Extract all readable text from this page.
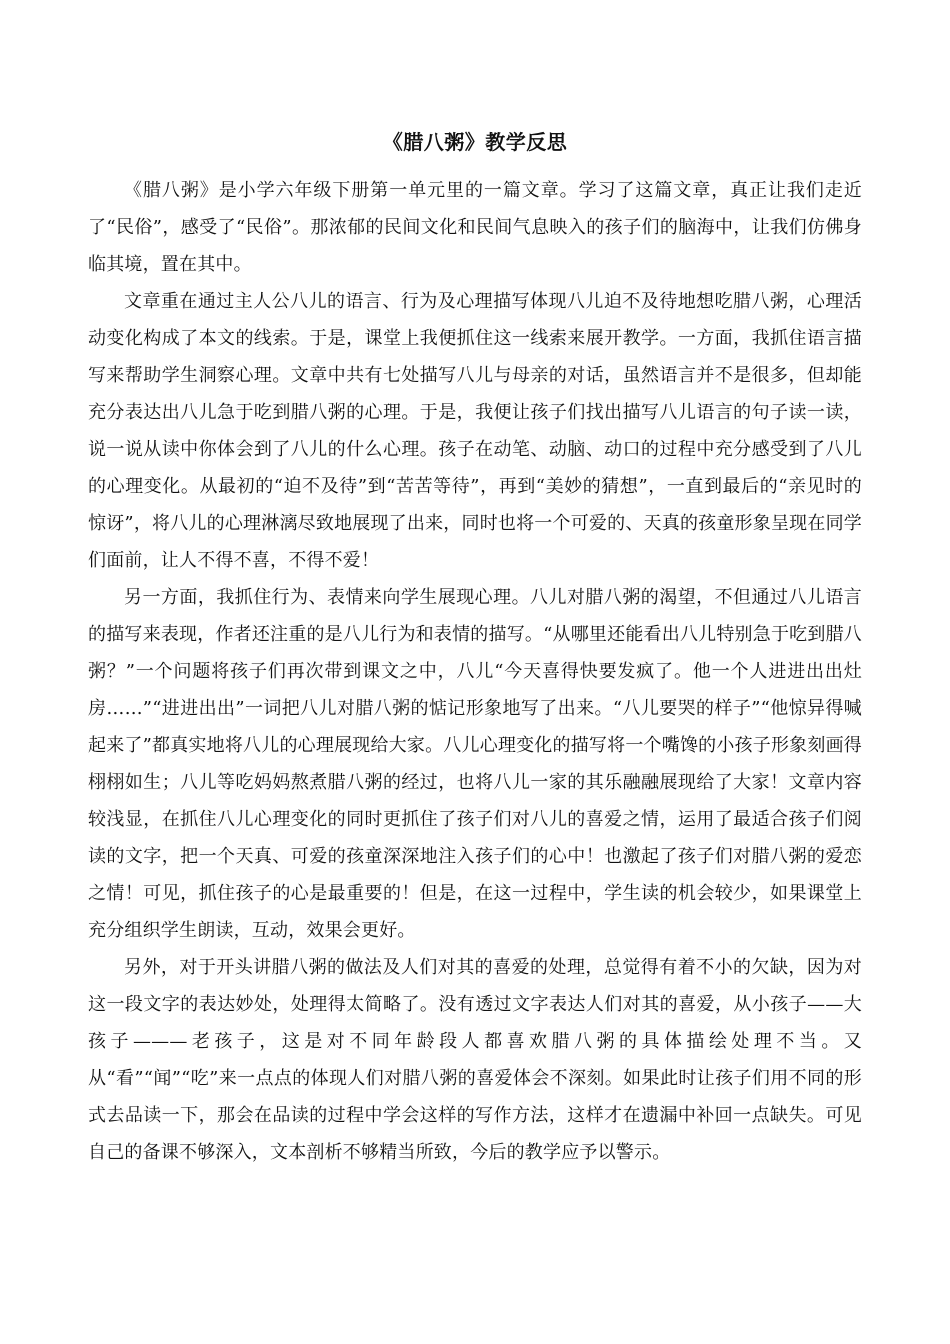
《腊八粥》教学反思

《腊八粥》是小学六年级下册第一单元里的一篇文章。学习了这篇文章，真正让我们走近了“民俗”，感受了“民俗”。那浓郁的民间文化和民间气息映入的孩子们的脑海中，让我们仿佛身临其境，置在其中。

文章重在通过主人公八儿的语言、行为及心理描写体现八儿迫不及待地想吃腊八粥，心理活动变化构成了本文的线索。于是，课堂上我便抓住这一线索来展开教学。一方面，我抓住语言描写来帮助学生洞察心理。文章中共有七处描写八儿与母亲的对话，虽然语言并不是很多，但却能充分表达出八儿急于吃到腊八粥的心理。于是，我便让孩子们找出描写八儿语言的句子读一读，说一说从读中你体会到了八儿的什么心理。孩子在动笔、动脑、动口的过程中充分感受到了八儿的心理变化。从最初的“迫不及待”到“苦苦等待”，再到“美妙的猜想”，一直到最后的“亲见时的惊讶”，将八儿的心理淋漓尽致地展现了出来，同时也将一个可爱的、天真的孩童形象呈现在同学们面前，让人不得不喜，不得不爱！

另一方面，我抓住行为、表情来向学生展现心理。八儿对腊八粥的渴望，不但通过八儿语言的描写来表现，作者还注重的是八儿行为和表情的描写。“从哪里还能看出八儿特别急于吃到腊八粥？”一个问题将孩子们再次带到课文之中，八儿“今天喜得快要发疯了。他一个人进进出出灶房……”“进进出出”一词把八儿对腊八粥的惦记形象地写了出来。“八儿要哭的样子”“他惊异得喊起来了”都真实地将八儿的心理展现给大家。八儿心理变化的描写将一个嘴馋的小孩子形象刻画得栩栩如生；八儿等吃妈妈熬煮腊八粥的经过，也将八儿一家的其乐融融展现给了大家！文章内容较浅显，在抓住八儿心理变化的同时更抓住了孩子们对八儿的喜爱之情，运用了最适合孩子们阅读的文字，把一个天真、可爱的孩童深深地注入孩子们的心中！也激起了孩子们对腊八粥的爱恋之情！可见，抓住孩子的心是最重要的！但是，在这一过程中，学生读的机会较少，如果课堂上充分组织学生朗读，互动，效果会更好。

另外，对于开头讲腊八粥的做法及人们对其的喜爱的处理，总觉得有着不小的欠缺，因为对这一段文字的表达妙处，处理得太简略了。没有透过文字表达人们对其的喜爱，从小孩子——大孩子———老孩子，这是对不同年龄段人都喜欢腊八粥的具体描绘处理不当。又从“看”“闻”“吃”来一点点的体现人们对腊八粥的喜爱体会不深刻。如果此时让孩子们用不同的形式去品读一下，那会在品读的过程中学会这样的写作方法，这样才在遗漏中补回一点缺失。可见自己的备课不够深入，文本剖析不够精当所致，今后的教学应予以警示。
